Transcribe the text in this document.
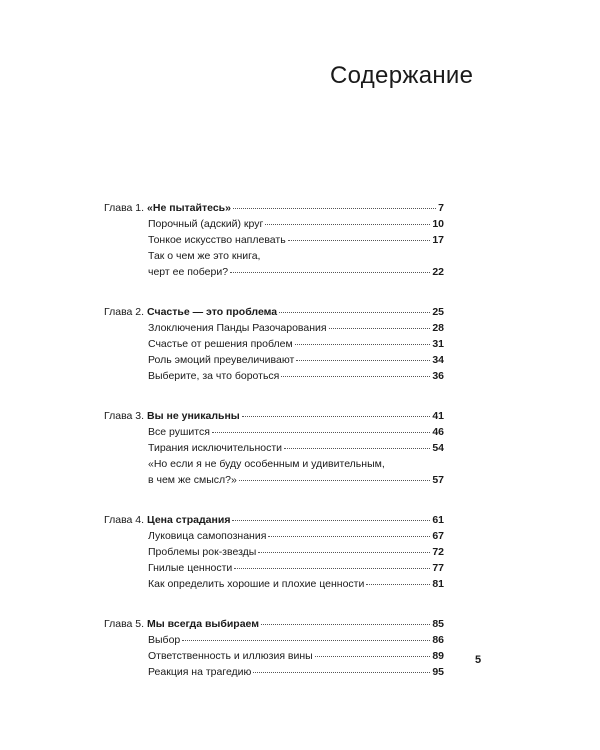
Содержание
Глава 1. «Не пытайтесь»	7
Порочный (адский) круг	10
Тонкое искусство наплевать	17
Так о чем же это книга,
черт ее побери?	22
Глава 2. Счастье — это проблема	25
Злоключения Панды Разочарования	28
Счастье от решения проблем	31
Роль эмоций преувеличивают	34
Выберите, за что бороться	36
Глава 3. Вы не уникальны	41
Все рушится	46
Тирания исключительности	54
«Но если я не буду особенным и удивительным,
в чем же смысл?»	57
Глава 4. Цена страдания	61
Луковица самопознания	67
Проблемы рок-звезды	72
Гнилые ценности	77
Как определить хорошие и плохие ценности	81
Глава 5. Мы всегда выбираем	85
Выбор	86
Ответственность и иллюзия вины	89
Реакция на трагедию	95
5
